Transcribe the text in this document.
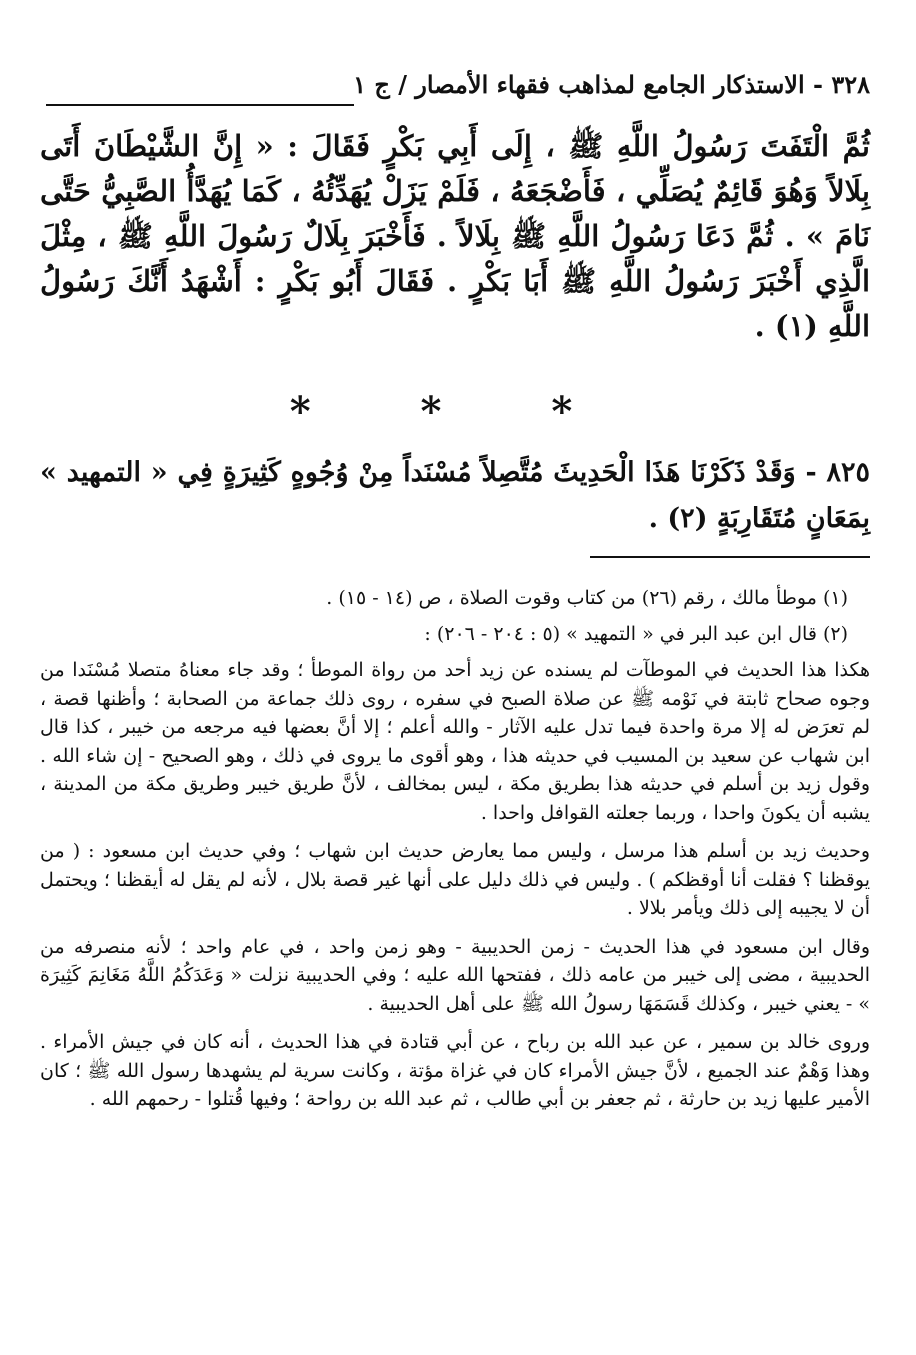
٣٢٨ - الاستذكار الجامع لمذاهب فقهاء الأمصار / ج ١

ثُمَّ الْتَفَتَ رَسُولُ اللَّهِ ﷺ ، إِلَى أَبِي بَكْرٍ فَقَالَ : « إِنَّ الشَّيْطَانَ أَتَى بِلَالاً وَهُوَ قَائِمٌ يُصَلِّي ، فَأَضْجَعَهُ ، فَلَمْ يَزَلْ يُهَدِّئُهُ ، كَمَا يُهَدَّأُ الصَّبِيُّ حَتَّى نَامَ » . ثُمَّ دَعَا رَسُولُ اللَّهِ ﷺ بِلَالاً . فَأَخْبَرَ بِلَالٌ رَسُولَ اللَّهِ ﷺ ، مِثْلَ الَّذِي أَخْبَرَ رَسُولُ اللَّهِ ﷺ أَبَا بَكْرٍ . فَقَالَ أَبُو بَكْرٍ : أَشْهَدُ أَنَّكَ رَسُولُ اللَّهِ (١) .

* * *

٨٢٥ - وَقَدْ ذَكَرْنَا هَذَا الْحَدِيثَ مُتَّصِلاً مُسْنَداً مِنْ وُجُوهٍ كَثِيرَةٍ فِي « التمهيد » بِمَعَانٍ مُتَقَارِبَةٍ (٢) .

(١) موطأ مالك ، رقم (٢٦) من كتاب وقوت الصلاة ، ص (١٤ - ١٥) .

(٢) قال ابن عبد البر في « التمهيد » (٥ : ٢٠٤ - ٢٠٦) :

هكذا هذا الحديث في الموطآت لم يسنده عن زيد أحد من رواة الموطأ ؛ وقد جاء معناهُ متصلا مُسْنَدا من وجوه صحاح ثابتة في نَوْمه ﷺ عن صلاة الصبح في سفره ، روى ذلك جماعة من الصحابة ؛ وأظنها قصة ، لم تعرَض له إلا مرة واحدة فيما تدل عليه الآثار - والله أعلم ؛ إلا أنَّ بعضها فيه مرجعه من خيبر ، كذا قال ابن شهاب عن سعيد بن المسيب في حديثه هذا ، وهو أقوى ما يروى في ذلك ، وهو الصحيح - إن شاء الله . وقول زيد بن أسلم في حديثه هذا بطريق مكة ، ليس بمخالف ، لأنَّ طريق خيبر وطريق مكة من المدينة ، يشبه أن يكونَ واحدا ، وربما جعلته القوافل واحدا .

وحديث زيد بن أسلم هذا مرسل ، وليس مما يعارض حديث ابن شهاب ؛ وفي حديث ابن مسعود : ( من يوقظنا ؟ فقلت أنا أوقظكم ) . وليس في ذلك دليل على أنها غير قصة بلال ، لأنه لم يقل له أيقظنا ؛ ويحتمل أن لا يجيبه إلى ذلك ويأمر بلالا .

وقال ابن مسعود في هذا الحديث - زمن الحديبية - وهو زمن واحد ، في عام واحد ؛ لأنه منصرفه من الحديبية ، مضى إلى خيبر من عامه ذلك ، ففتحها الله عليه ؛ وفي الحديبية نزلت « وَعَدَكُمُ اللَّهُ مَغَانِمَ كَثِيرَة » - يعني خيبر ، وكذلك قَسَمَهَا رسولُ الله ﷺ على أهل الحديبية .

وروى خالد بن سمير ، عن عبد الله بن رباح ، عن أبي قتادة في هذا الحديث ، أنه كان في جيش الأمراء . وهذا وَهْمٌ عند الجميع ، لأنَّ جيش الأمراء كان في غزاة مؤتة ، وكانت سرية لم يشهدها رسول الله ﷺ ؛ كان الأمير عليها زيد بن حارثة ، ثم جعفر بن أبي طالب ، ثم عبد الله بن رواحة ؛ وفيها قُتلوا - رحمهم الله .
